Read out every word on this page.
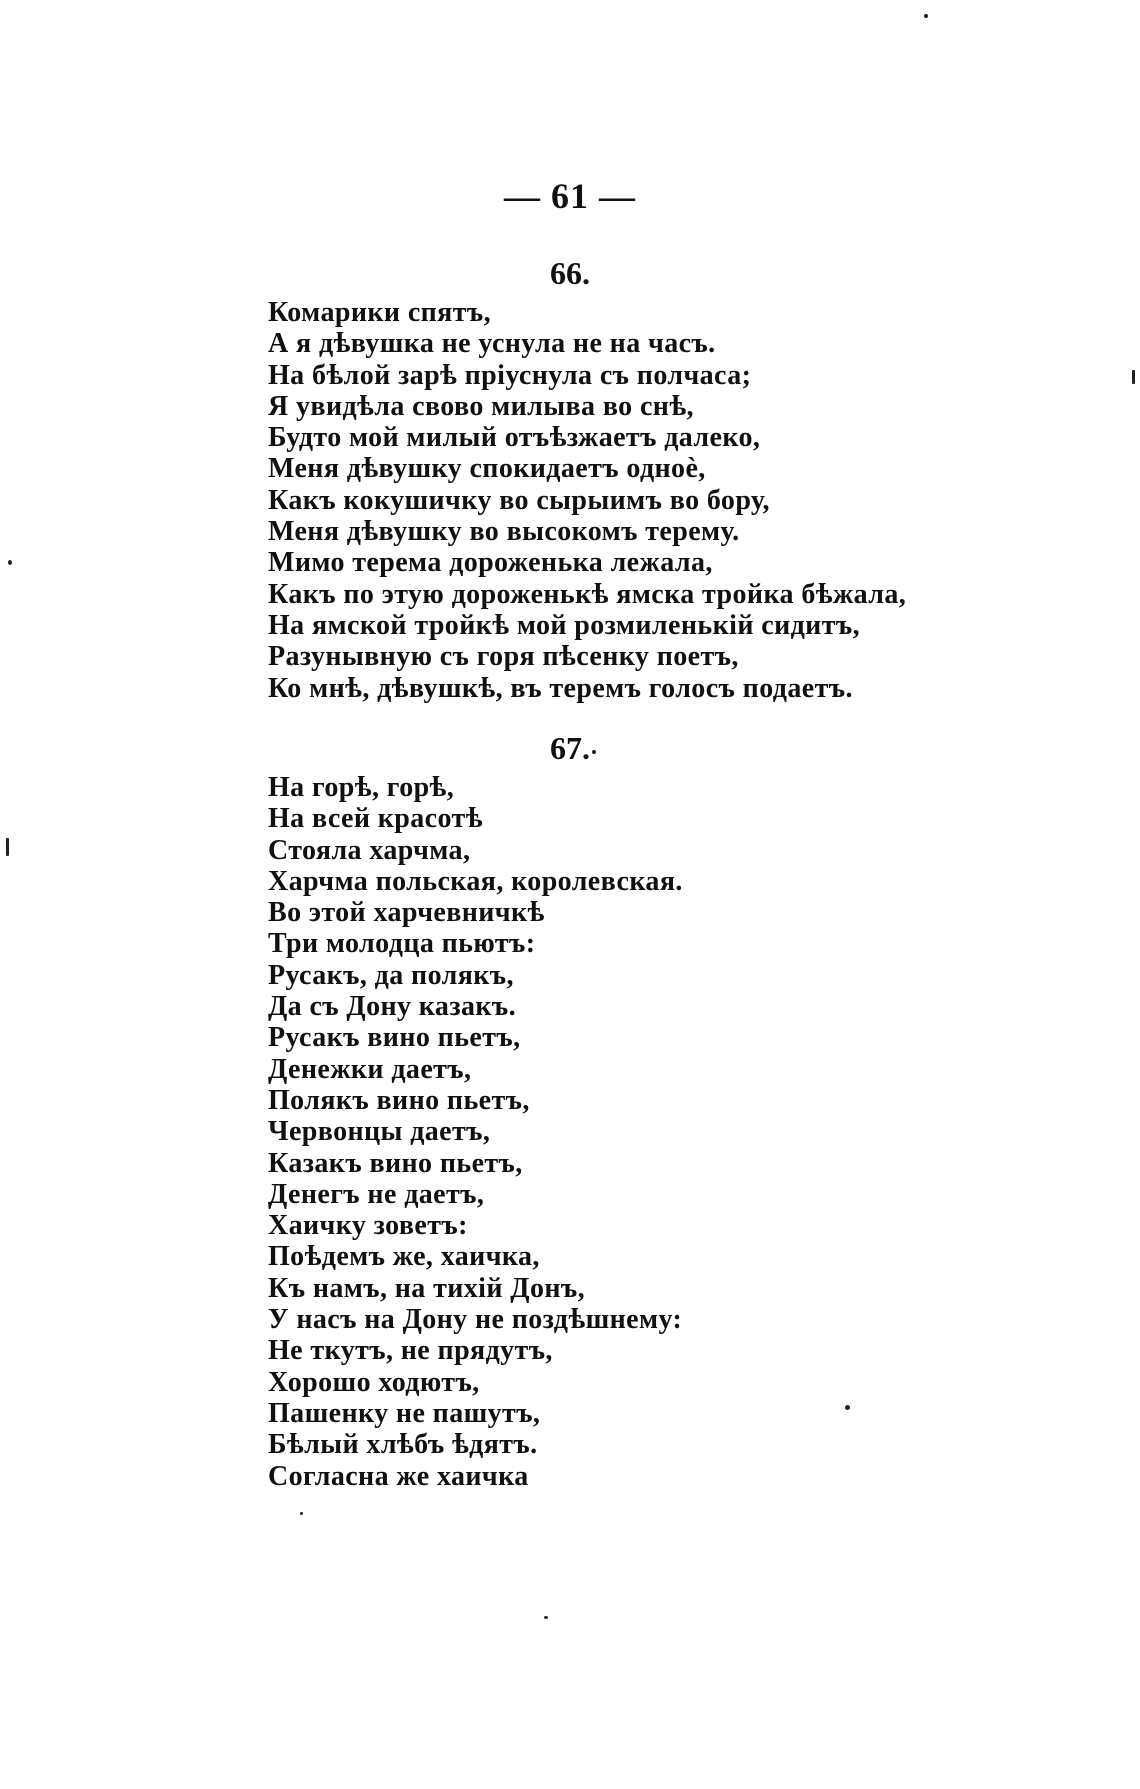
— 61 —
66.
Комарики спятъ,
А я дѣвушка не уснула не на часъ.
На бѣлой зарѣ пріуснула съ полчаса;
Я увидѣла свово милыва во снѣ,
Будто мой милый отъѣзжаетъ далеко,
Меня дѣвушку спокидаетъ одноѐ,
Какъ кокушичку во сырыимъ во бору,
Меня дѣвушку во высокомъ терему.
Мимо терема дороженька лежала,
Какъ по этую дороженькѣ ямска тройка бѣжала,
На ямской тройкѣ мой розмиленькій сидитъ,
Разунывную съ горя пѣсенку поетъ,
Ко мнѣ, дѣвушкѣ, въ теремъ голосъ подаетъ.
67.
На горѣ, горѣ,
На всей красотѣ
Стояла харчма,
Харчма польская, королевская.
Во этой харчевничкѣ
Три молодца пьютъ:
Русакъ, да полякъ,
Да съ Дону казакъ.
Русакъ вино пьетъ,
Денежки даетъ,
Полякъ вино пьетъ,
Червонцы даетъ,
Казакъ вино пьетъ,
Денегъ не даетъ,
Хаичку зоветъ:
Поѣдемъ же, хаичка,
Къ намъ, на тихій Донъ,
У насъ на Дону не поздѣшнему:
Не ткутъ, не прядутъ,
Хорошо ходютъ,
Пашенку не пашутъ,
Бѣлый хлѣбъ ѣдятъ.
Согласна же хаичка
